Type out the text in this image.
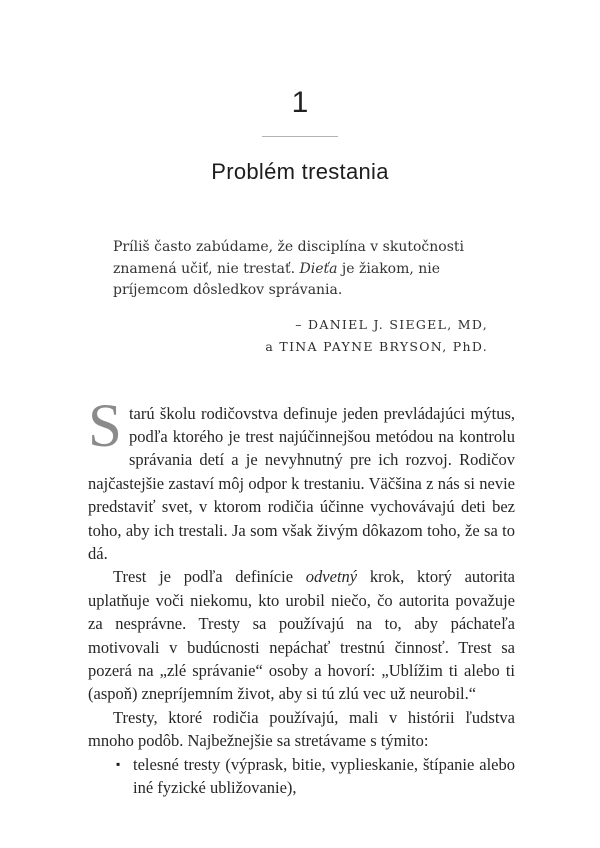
1
Problém trestania
Príliš často zabúdame, že disciplína v skutočnosti
znamená učiť, nie trestať. Dieťa je žiakom, nie
príjemcom dôsledkov správania.
– DANIEL J. SIEGEL, MD,
a TINA PAYNE BRYSON, PhD.

Starú školu rodičovstva definuje jeden prevládajúci mýtus, podľa ktorého je trest najúčinnejšou metódou na kontrolu správania detí a je nevyhnutný pre ich rozvoj. Rodičov najčastejšie zastaví môj odpor k trestaniu. Väčšina z nás si nevie predstaviť svet, v ktorom rodičia účinne vychovávajú deti bez toho, aby ich trestali. Ja som však živým dôkazom toho, že sa to dá.

Trest je podľa definície odvetný krok, ktorý autorita uplatňuje voči niekomu, kto urobil niečo, čo autorita považuje za nesprávne. Tresty sa používajú na to, aby páchateľa motivovali v budúcnosti nepáchať trestnú činnosť. Trest sa pozerá na „zlé správanie“ osoby a hovorí: „Ublížim ti alebo ti (aspoň) znepríjemním život, aby si tú zlú vec už neurobil.“

Tresty, ktoré rodičia používajú, mali v histórii ľudstva mnoho podôb. Najbežnejšie sa stretávame s týmito:

▪ telesné tresty (výprask, bitie, vyplieskanie, štípanie alebo iné fyzické ubližovanie),
